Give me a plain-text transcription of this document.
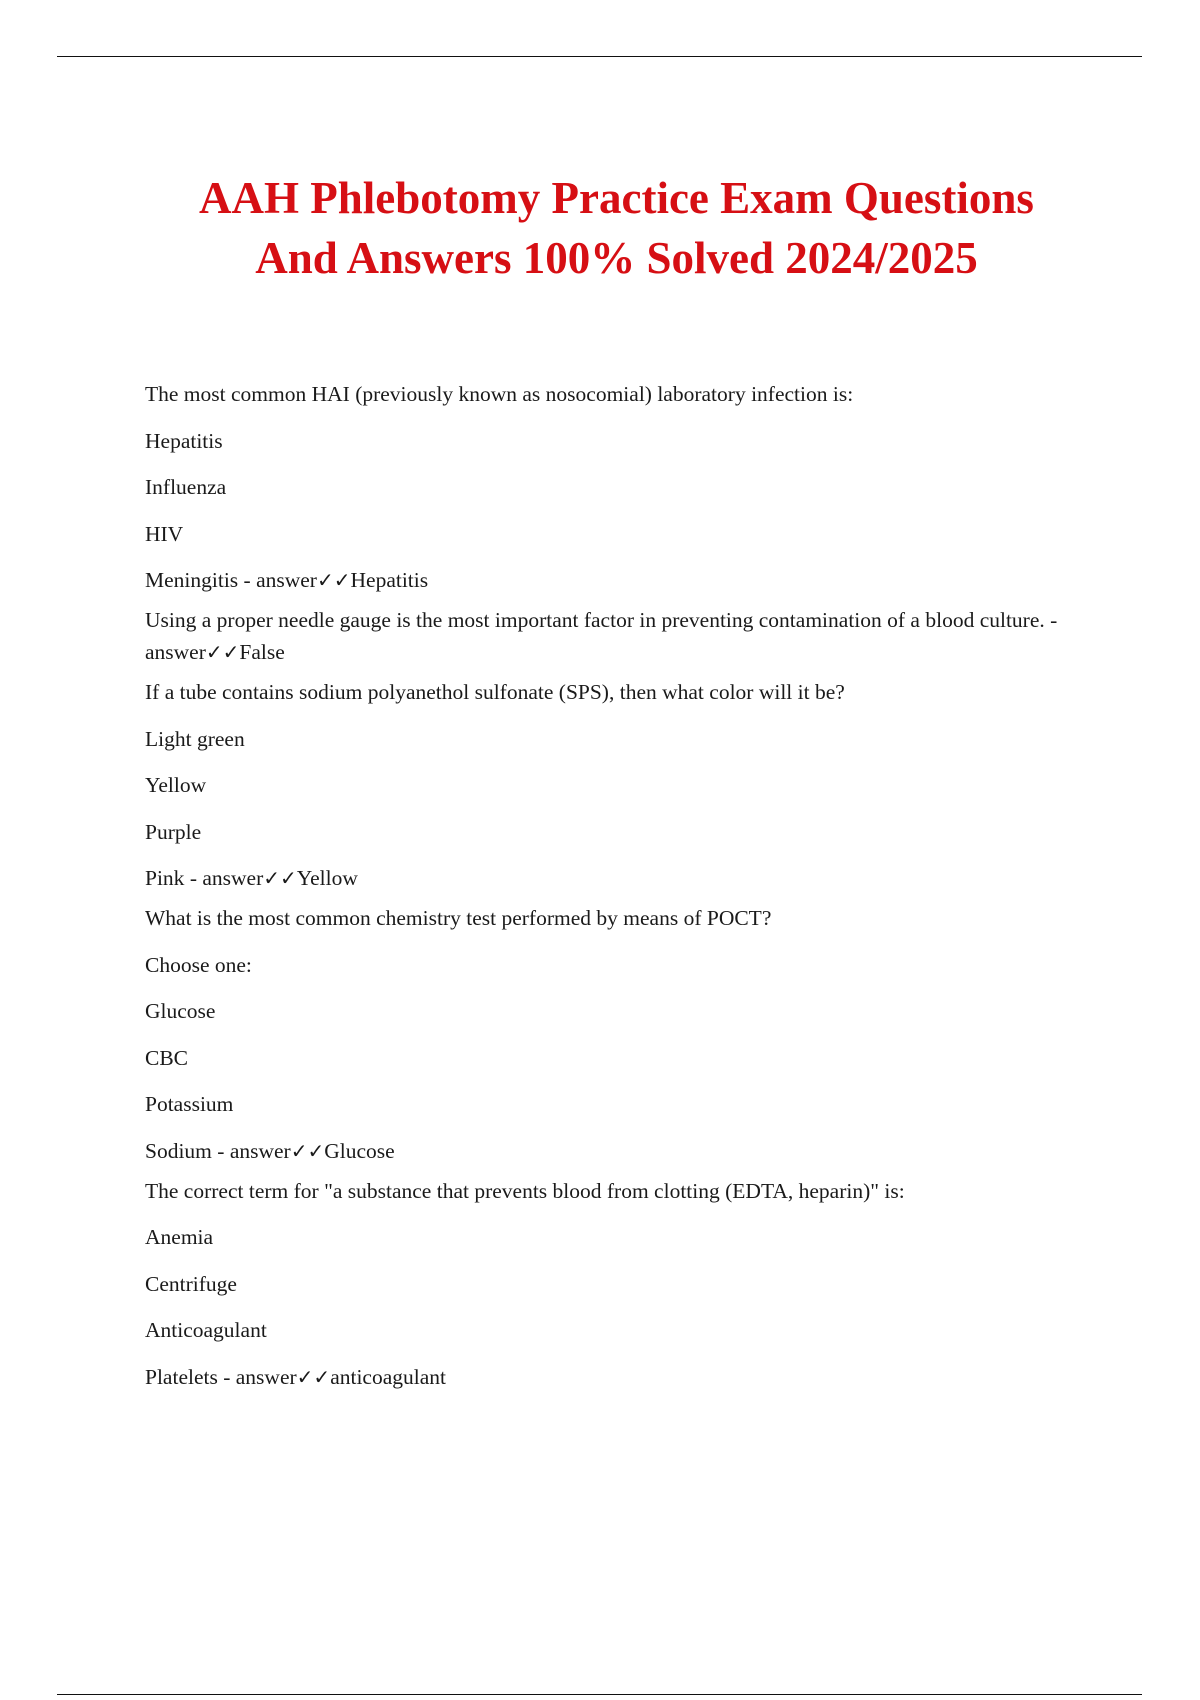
AAH Phlebotomy Practice Exam Questions
And Answers 100% Solved 2024/2025
The most common HAI (previously known as nosocomial) laboratory infection is:
Hepatitis
Influenza
HIV
Meningitis - answer✓✓Hepatitis
Using a proper needle gauge is the most important factor in preventing contamination of a blood culture. - answer✓✓False
If a tube contains sodium polyanethol sulfonate (SPS), then what color will it be?
Light green
Yellow
Purple
Pink - answer✓✓Yellow
What is the most common chemistry test performed by means of POCT?
Choose one:
Glucose
CBC
Potassium
Sodium - answer✓✓Glucose
The correct term for "a substance that prevents blood from clotting (EDTA, heparin)" is:
Anemia
Centrifuge
Anticoagulant
Platelets - answer✓✓anticoagulant
